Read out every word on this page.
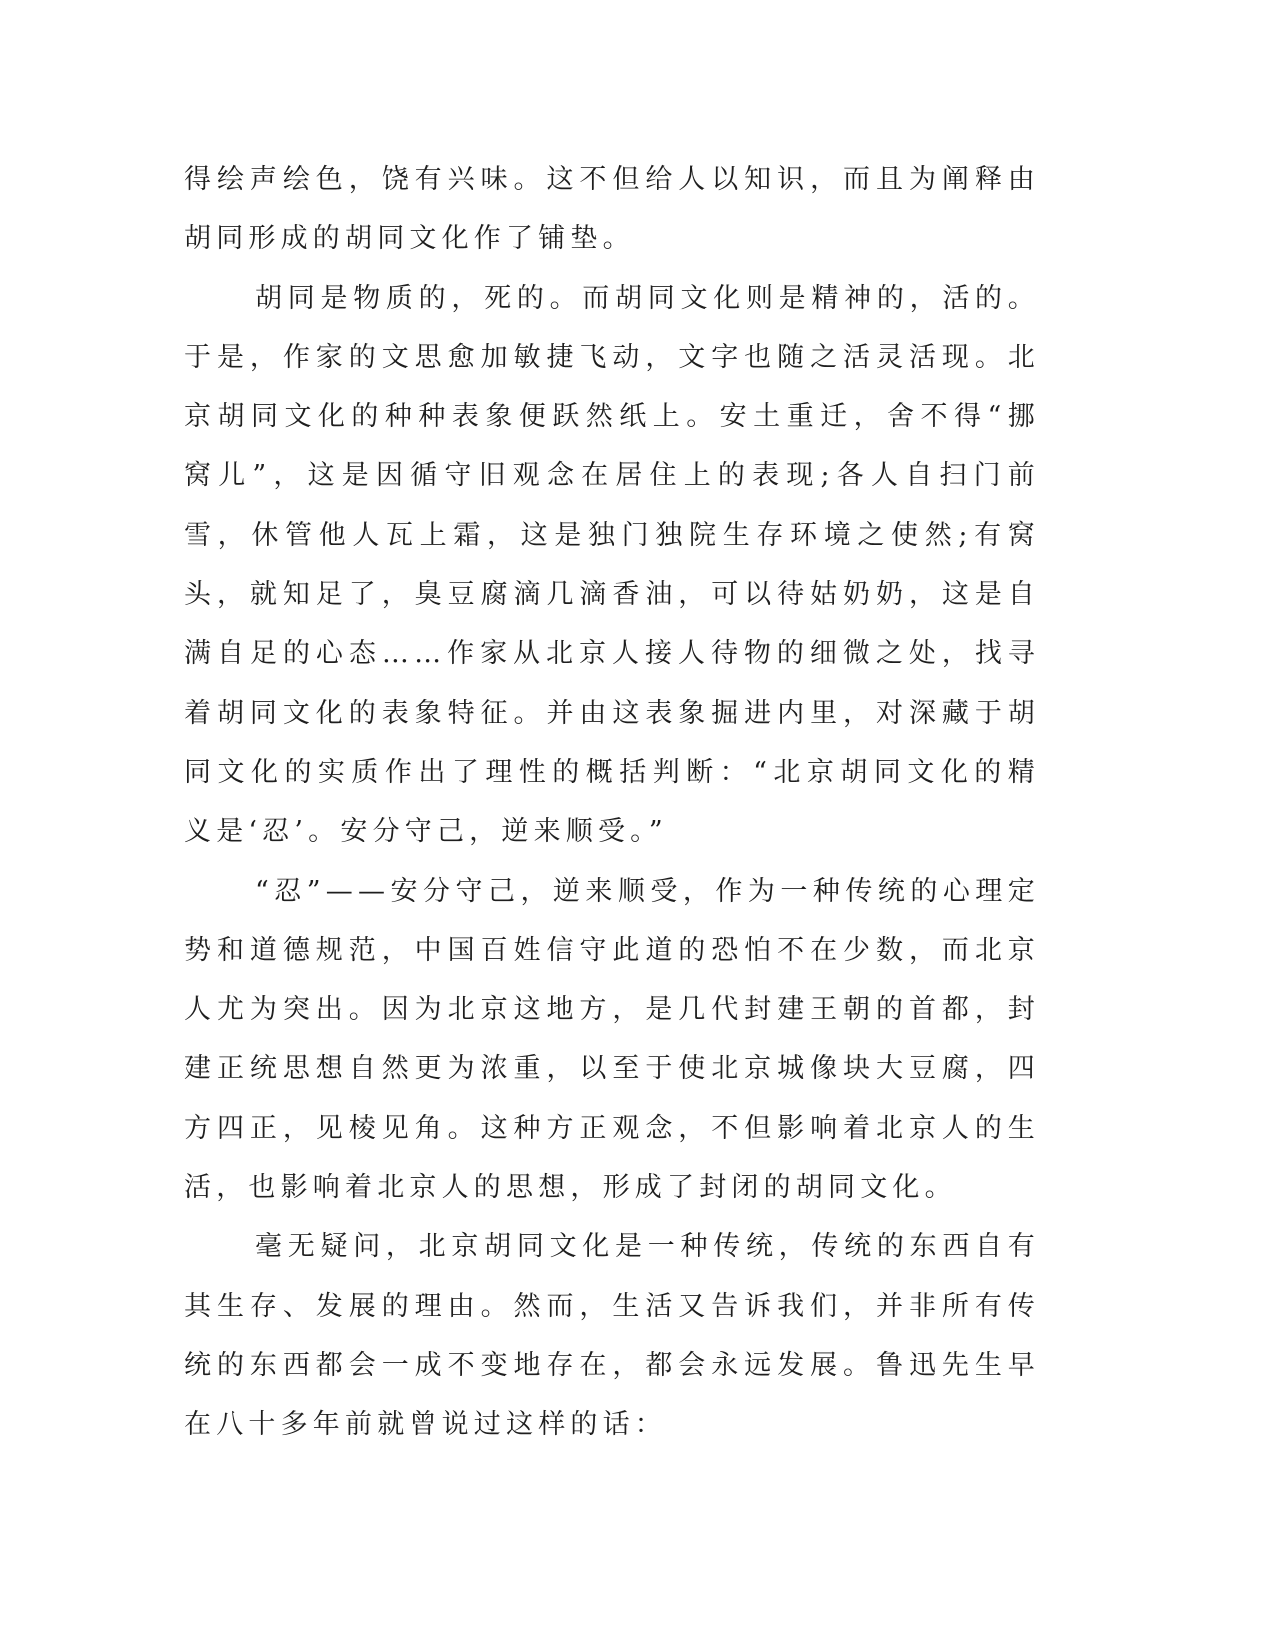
得绘声绘色，饶有兴味。这不但给人以知识，而且为阐释由胡同形成的胡同文化作了铺垫。

胡同是物质的，死的。而胡同文化则是精神的，活的。于是，作家的文思愈加敏捷飞动，文字也随之活灵活现。北京胡同文化的种种表象便跃然纸上。安土重迁，舍不得“挪窝儿”，这是因循守旧观念在居住上的表现;各人自扫门前雪，休管他人瓦上霜，这是独门独院生存环境之使然;有窝头，就知足了，臭豆腐滴几滴香油，可以待姑奶奶，这是自满自足的心态……作家从北京人接人待物的细微之处，找寻着胡同文化的表象特征。并由这表象掘进内里，对深藏于胡同文化的实质作出了理性的概括判断：“北京胡同文化的精义是‘忍’。安分守己，逆来顺受。”

“忍”——安分守己，逆来顺受，作为一种传统的心理定势和道德规范，中国百姓信守此道的恐怕不在少数，而北京人尤为突出。因为北京这地方，是几代封建王朝的首都，封建正统思想自然更为浓重，以至于使北京城像块大豆腐，四方四正，见棱见角。这种方正观念，不但影响着北京人的生活，也影响着北京人的思想，形成了封闭的胡同文化。

毫无疑问，北京胡同文化是一种传统，传统的东西自有其生存、发展的理由。然而，生活又告诉我们，并非所有传统的东西都会一成不变地存在，都会永远发展。鲁迅先生早在八十多年前就曾说过这样的话：
